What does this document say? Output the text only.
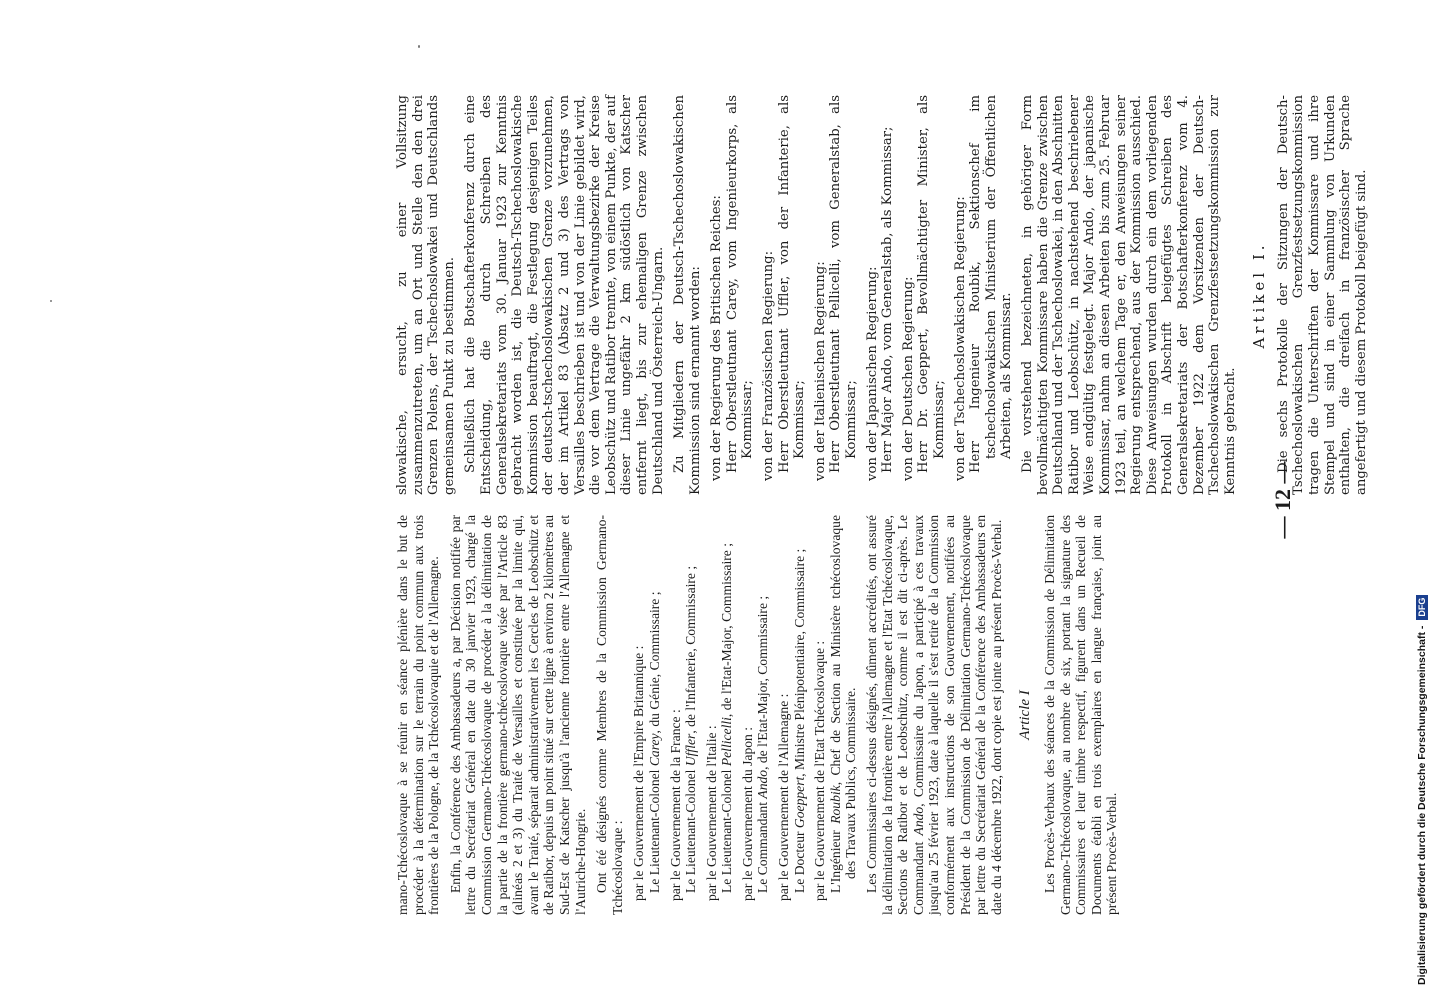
mano-Tchécoslovaque à se réunir en séance plénière dans le but de procéder à la détermination sur le terrain du point commun aux trois frontières de la Pologne, de la Tchécoslovaquie et de l'Allemagne. Enfin, la Conférence des Ambassadeurs a, par Décision notifiée par lettre du Secrétariat Général en date du 30 janvier 1923, chargé la Commission Germano-Tchécoslovaque de procéder à la délimitation de la partie de la frontière germano-tchécoslovaque visée par l'Article 83 (alinéas 2 et 3) du Traité de Versailles et constituée par la limite qui, avant le Traité, séparait administrativement les Cercles de Leobschütz et de Ratibor, depuis un point situé sur cette ligne à environ 2 kilomètres au Sud-Est de Katscher jusqu'à l'ancienne frontière entre l'Allemagne et l'Autriche-Hongrie. Ont été désignés comme Membres de la Commission Germano-Tchécoslovaque : par le Gouvernement de l'Empire Britannique : Le Lieutenant-Colonel Carey, du Génie, Commissaire ;

par le Gouvernement de la France : Le Lieutenant-Colonel Uffler, de l'Infanterie, Commissaire ;

par le Gouvernement de l'Italie : Le Lieutenant-Colonel Pellicelli, de l'Etat-Major, Commissaire ;

par le Gouvernement du Japon : Le Commandant Ando, de l'Etat-Major, Commissaire ;

par le Gouvernement de l'Allemagne : Le Docteur Goeppert, Ministre Plénipotentiaire, Commissaire ; par le Gouvernement de l'Etat Tchécoslovaque : L'Ingénieur Roubik, Chef de Section au Ministère tchécoslovaque des Travaux Publics, Commissaire. Les Commissaires ci-dessus désignés, dûment accrédités, ont assuré la délimitation de la frontière entre l'Allemagne et l'Etat Tchécoslovaque, Sections de Ratibor et de Leobschütz, comme il est dit ci-après. Le Commandant Ando, Commissaire du Japon, a participé à ces travaux jusqu'au 25 février 1923, date à laquelle il s'est retiré de la Commission conformément aux instructions de son Gouvernement, notifiées au Président de la Commission de Délimitation Germano-Tchécoslovaque par lettre du Secrétariat Général de la Conférence des Ambassadeurs en date du 4 décembre 1922, dont copie est jointe au présent Procès-Verbal. Article I Les Procès-Verbaux des séances de la Commission de Délimitation Germano-Tchécoslovaque, au nombre de six, portant la signature des Commissaires et leur timbre respectif, figurent dans un Recueil de Documents établi en trois exemplaires en langue française, joint au présent Procès-Verbal.

slowakische, ersucht, zu einer Vollsitzung zusammenzutreten, um an Ort und Stelle den den drei Grenzen Polens, der Tschechoslowakei und Deutschlands gemeinsamen Punkt zu bestimmen. Schließlich hat die Botschafterkonferenz durch eine Entscheidung, die durch Schreiben des Generalsekretariats vom 30. Januar 1923 zur Kenntnis gebracht worden ist, die Deutsch-Tschechoslowakische Kommission beauftragt, die Festlegung desjenigen Teiles der deutsch-tschechoslowakischen Grenze vorzunehmen, der im Artikel 83 (Absatz 2 und 3) des Vertrags von Versailles beschrieben ist und von der Linie gebildet wird, die vor dem Vertrage die Verwaltungsbezirke der Kreise Leobschütz und Ratibor trennte, von einem Punkte, der auf dieser Linie ungefähr 2 km südöstlich von Katscher entfernt liegt, bis zur ehemaligen Grenze zwischen Deutschland und Österreich-Ungarn. Zu Mitgliedern der Deutsch-Tschechoslowakischen Kommission sind ernannt worden: von der Regierung des Britischen Reiches: Herr Oberstleutnant Carey, vom Ingenieurkorps, als Kommissar; von der Französischen Regierung: Herr Oberstleutnant Uffler, von der Infanterie, als Kommissar; von der Italienischen Regierung: Herr Oberstleutnant Pellicelli, vom Generalstab, als Kommissar; von der Japanischen Regierung: Herr Major Ando, vom Generalstab, als Kommissar; von der Deutschen Regierung: Herr Dr. Goeppert, Bevollmächtigter Minister, als Kommissar; von der Tschechoslowakischen Regierung: Herr Ingenieur Roubik, Sektionschef im tschechoslowakischen Ministerium der Öffentlichen Arbeiten, als Kommissar. Die vorstehend bezeichneten, in gehöriger Form bevollmächtigten Kommissare haben die Grenze zwischen Deutschland und der Tschechoslowakei, in den Abschnitten Ratibor und Leobschütz, in nachstehend beschriebener Weise endgültig festgelegt. Major Ando, der japanische Kommissar, nahm an diesen Arbeiten bis zum 25. Februar 1923 teil, an welchem Tage er, den Anweisungen seiner Regierung entsprechend, aus der Kommission ausschied. Diese Anweisungen wurden durch ein dem vorliegenden Protokoll in Abschrift beigefügtes Schreiben des Generalsekretariats der Botschafterkonferenz vom 4. Dezember 1922 dem Vorsitzenden der Deutsch-Tschechoslowakischen Grenzfestsetzungskommission zur Kenntnis gebracht.

Artikel I. Die sechs Protokolle der Sitzungen der Deutsch-Tschechoslowakischen Grenzfestsetzungskommission tragen die Unterschriften der Kommissare und ihre Stempel und sind in einer Sammlung von Urkunden enthalten, die dreifach in französischer Sprache angefertigt und diesem Protokoll beigefügt sind.

— 12 —
Digitalisierung gefördert durch die Deutsche Forschungsgemeinschaft -
DFG
